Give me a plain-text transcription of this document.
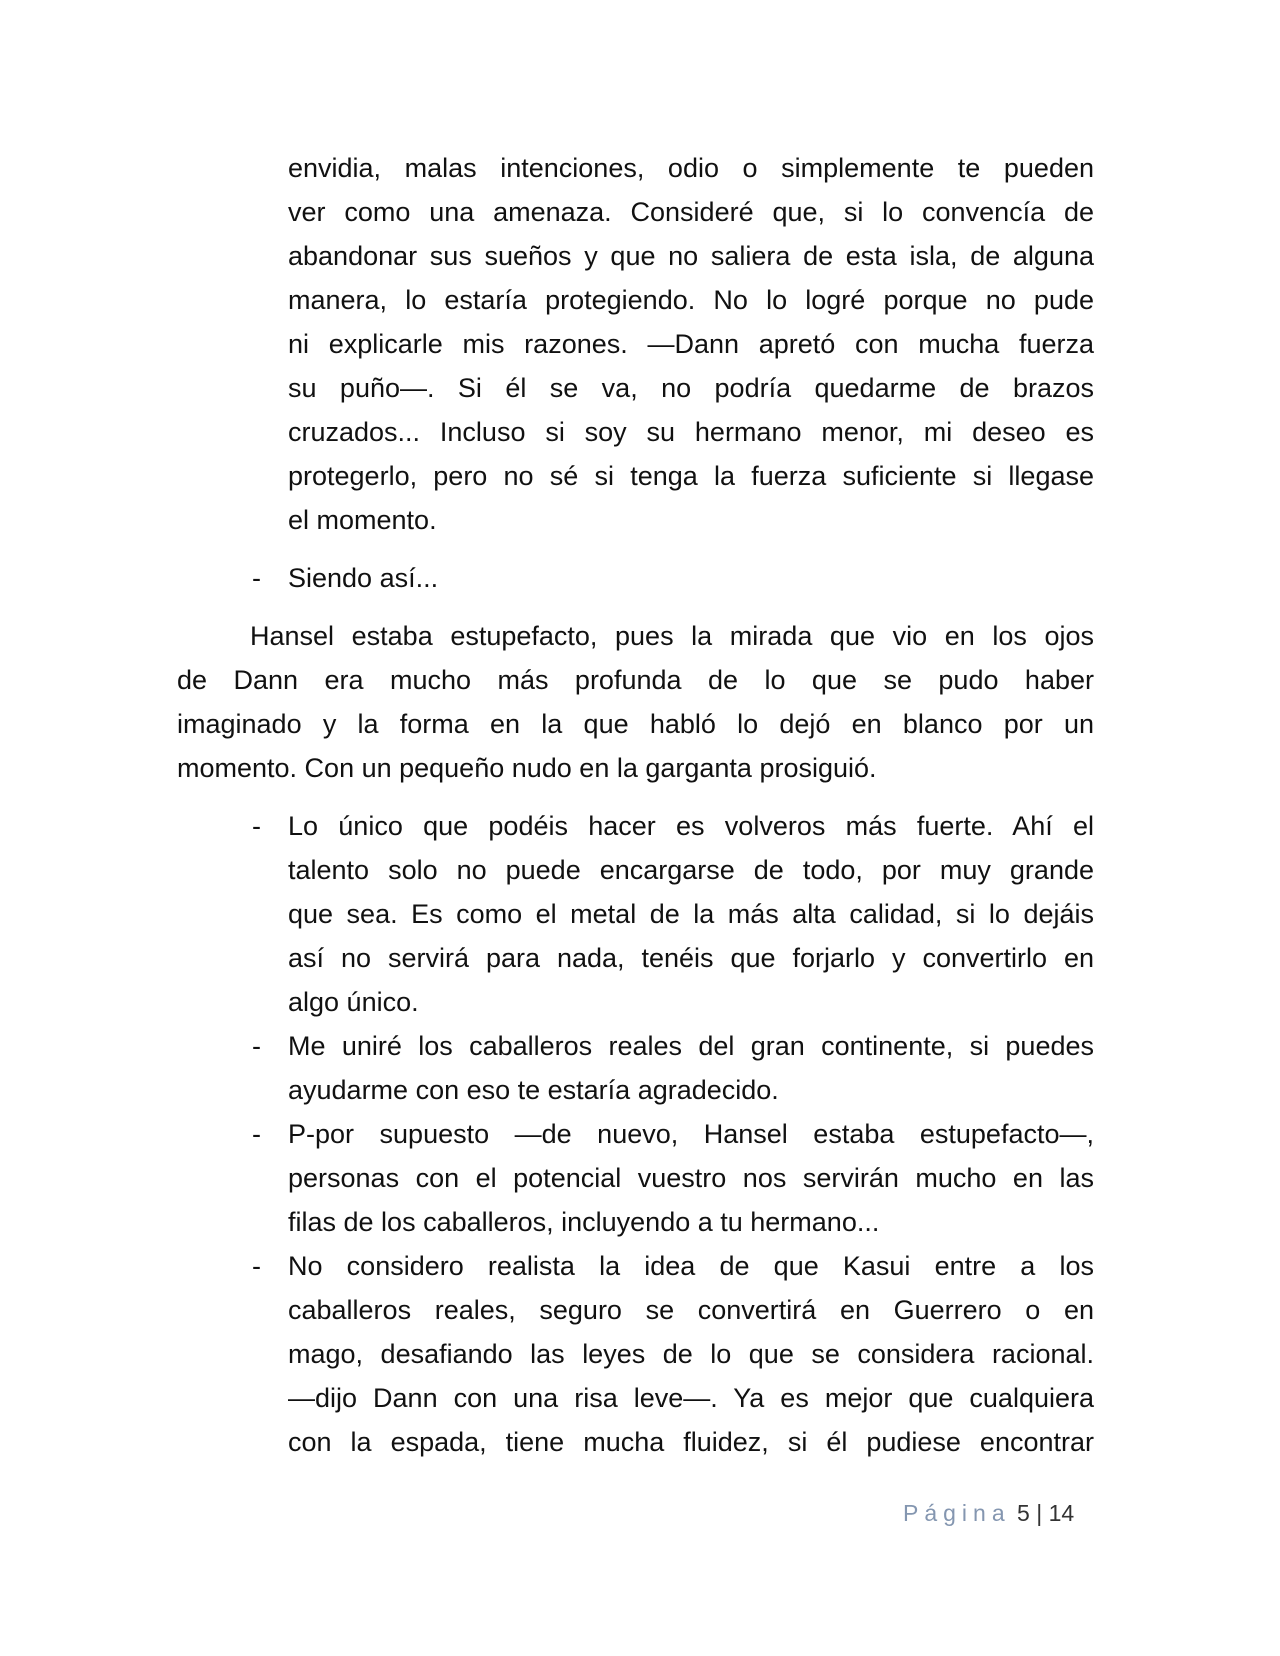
envidia, malas intenciones, odio o simplemente te pueden
ver como una amenaza. Consideré que, si lo convencía de
abandonar sus sueños y que no saliera de esta isla, de alguna
manera, lo estaría protegiendo. No lo logré porque no pude
ni explicarle mis razones. —Dann apretó con mucha fuerza
su puño—. Si él se va, no podría quedarme de brazos
cruzados... Incluso si soy su hermano menor, mi deseo es
protegerlo, pero no sé si tenga la fuerza suficiente si llegase
el momento.
- Siendo así...
Hansel estaba estupefacto, pues la mirada que vio en los ojos
de Dann era mucho más profunda de lo que se pudo haber
imaginado y la forma en la que habló lo dejó en blanco por un
momento. Con un pequeño nudo en la garganta prosiguió.
- Lo único que podéis hacer es volveros más fuerte. Ahí el
talento solo no puede encargarse de todo, por muy grande
que sea. Es como el metal de la más alta calidad, si lo dejáis
así no servirá para nada, tenéis que forjarlo y convertirlo en
algo único.
- Me uniré los caballeros reales del gran continente, si puedes
ayudarme con eso te estaría agradecido.
- P-por supuesto —de nuevo, Hansel estaba estupefacto—,
personas con el potencial vuestro nos servirán mucho en las
filas de los caballeros, incluyendo a tu hermano...
- No considero realista la idea de que Kasui entre a los
caballeros reales, seguro se convertirá en Guerrero o en
mago, desafiando las leyes de lo que se considera racional.
—dijo Dann con una risa leve—. Ya es mejor que cualquiera
con la espada, tiene mucha fluidez, si él pudiese encontrar
Página 5 | 14
